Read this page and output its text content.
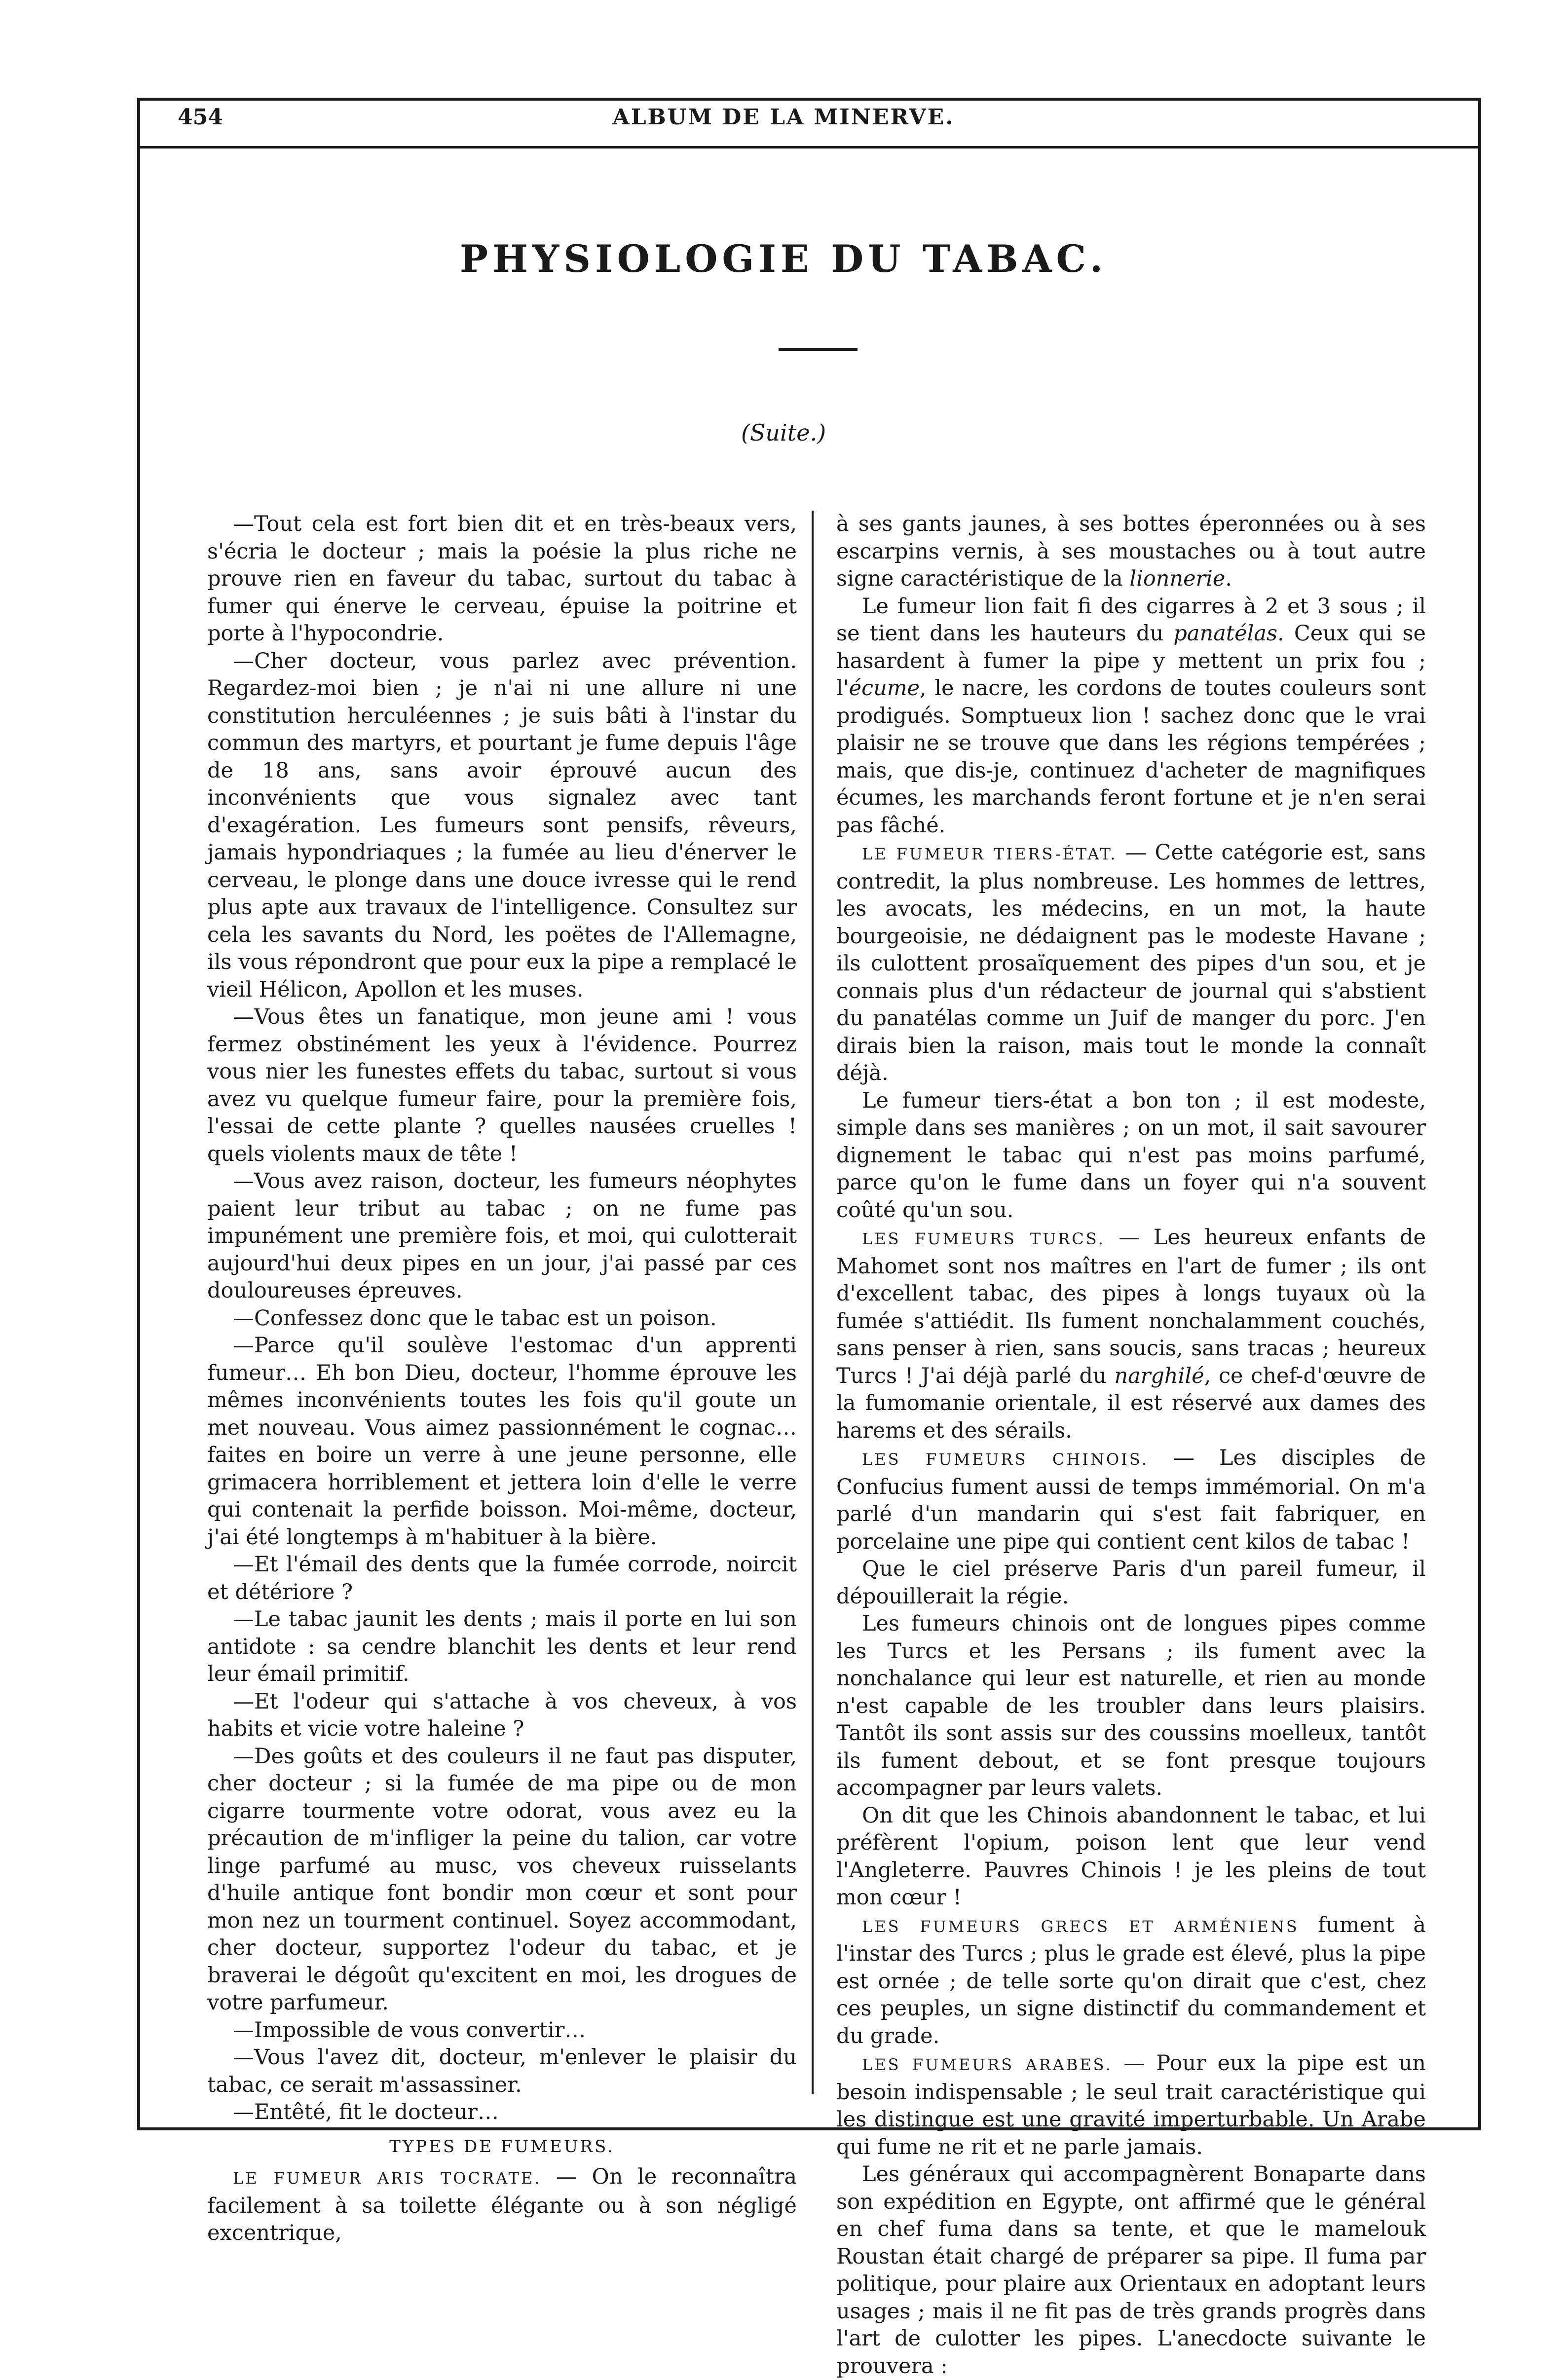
454	ALBUM DE LA MINERVE.
PHYSIOLOGIE DU TABAC.
(Suite.)

—Tout cela est fort bien dit et en très-beaux vers, s'écria le docteur ; mais la poésie la plus riche ne prouve rien en faveur du tabac, surtout du tabac à fumer qui énerve le cerveau, épuise la poitrine et porte à l'hypocondrie.

—Cher docteur, vous parlez avec prévention. Regardez-moi bien ; je n'ai ni une allure ni une constitution herculéennes ; je suis bâti à l'instar du commun des martyrs, et pourtant je fume depuis l'âge de 18 ans, sans avoir éprouvé aucun des inconvénients que vous signalez avec tant d'exagération. Les fumeurs sont pensifs, rêveurs, jamais hypondriaques ; la fumée au lieu d'énerver le cerveau, le plonge dans une douce ivresse qui le rend plus apte aux travaux de l'intelligence. Consultez sur cela les savants du Nord, les poëtes de l'Allemagne, ils vous répondront que pour eux la pipe a remplacé le vieil Hélicon, Apollon et les muses.

—Vous êtes un fanatique, mon jeune ami ! vous fermez obstinément les yeux à l'évidence. Pourrez vous nier les funestes effets du tabac, surtout si vous avez vu quelque fumeur faire, pour la première fois, l'essai de cette plante ? quelles nausées cruelles ! quels violents maux de tête !

—Vous avez raison, docteur, les fumeurs néophytes paient leur tribut au tabac ; on ne fume pas impunément une première fois, et moi, qui culotterait aujourd'hui deux pipes en un jour, j'ai passé par ces douloureuses épreuves.

—Confessez donc que le tabac est un poison.

—Parce qu'il soulève l'estomac d'un apprenti fumeur… Eh bon Dieu, docteur, l'homme éprouve les mêmes inconvénients toutes les fois qu'il goute un met nouveau. Vous aimez passionnément le cognac… faites en boire un verre à une jeune personne, elle grimacera horriblement et jettera loin d'elle le verre qui contenait la perfide boisson. Moi-même, docteur, j'ai été longtemps à m'habituer à la bière.

—Et l'émail des dents que la fumée corrode, noircit et détériore ?

—Le tabac jaunit les dents ; mais il porte en lui son antidote : sa cendre blanchit les dents et leur rend leur émail primitif.

—Et l'odeur qui s'attache à vos cheveux, à vos habits et vicie votre haleine ?

—Des goûts et des couleurs il ne faut pas disputer, cher docteur ; si la fumée de ma pipe ou de mon cigarre tourmente votre odorat, vous avez eu la précaution de m'infliger la peine du talion, car votre linge parfumé au musc, vos cheveux ruisselants d'huile antique font bondir mon cœur et sont pour mon nez un tourment continuel. Soyez accommodant, cher docteur, supportez l'odeur du tabac, et je braverai le dégoût qu'excitent en moi, les drogues de votre parfumeur.

—Impossible de vous convertir…

—Vous l'avez dit, docteur, m'enlever le plaisir du tabac, ce serait m'assassiner.

—Entêté, fit le docteur…

TYPES DE FUMEURS.

LE FUMEUR ARIS TOCRATE. — On le reconnaîtra facilement à sa toilette élégante ou à son négligé excentrique,

à ses gants jaunes, à ses bottes éperonnées ou à ses escarpins vernis, à ses moustaches ou à tout autre signe caractéristique de la lionnerie.

Le fumeur lion fait fi des cigarres à 2 et 3 sous ; il se tient dans les hauteurs du panatélas. Ceux qui se hasardent à fumer la pipe y mettent un prix fou ; l'écume, le nacre, les cordons de toutes couleurs sont prodigués. Somptueux lion ! sachez donc que le vrai plaisir ne se trouve que dans les régions tempérées ; mais, que dis-je, continuez d'acheter de magnifiques écumes, les marchands feront fortune et je n'en serai pas fâché.

LE FUMEUR TIERS-ÉTAT. — Cette catégorie est, sans contredit, la plus nombreuse. Les hommes de lettres, les avocats, les médecins, en un mot, la haute bourgeoisie, ne dédaignent pas le modeste Havane ; ils culottent prosaïquement des pipes d'un sou, et je connais plus d'un rédacteur de journal qui s'abstient du panatélas comme un Juif de manger du porc. J'en dirais bien la raison, mais tout le monde la connaît déjà.

Le fumeur tiers-état a bon ton ; il est modeste, simple dans ses manières ; on un mot, il sait savourer dignement le tabac qui n'est pas moins parfumé, parce qu'on le fume dans un foyer qui n'a souvent coûté qu'un sou.

LES FUMEURS TURCS. — Les heureux enfants de Mahomet sont nos maîtres en l'art de fumer ; ils ont d'excellent tabac, des pipes à longs tuyaux où la fumée s'attiédit. Ils fument nonchalamment couchés, sans penser à rien, sans soucis, sans tracas ; heureux Turcs ! J'ai déjà parlé du narghilé, ce chef-d'œuvre de la fumomanie orientale, il est réservé aux dames des harems et des sérails.

LES FUMEURS CHINOIS. — Les disciples de Confucius fument aussi de temps immémorial. On m'a parlé d'un mandarin qui s'est fait fabriquer, en porcelaine une pipe qui contient cent kilos de tabac !

Que le ciel préserve Paris d'un pareil fumeur, il dépouillerait la régie.

Les fumeurs chinois ont de longues pipes comme les Turcs et les Persans ; ils fument avec la nonchalance qui leur est naturelle, et rien au monde n'est capable de les troubler dans leurs plaisirs. Tantôt ils sont assis sur des coussins moelleux, tantôt ils fument debout, et se font presque toujours accompagner par leurs valets.

On dit que les Chinois abandonnent le tabac, et lui préfèrent l'opium, poison lent que leur vend l'Angleterre. Pauvres Chinois ! je les pleins de tout mon cœur !

LES FUMEURS GRECS ET ARMÉNIENS fument à l'instar des Turcs ; plus le grade est élevé, plus la pipe est ornée ; de telle sorte qu'on dirait que c'est, chez ces peuples, un signe distinctif du commandement et du grade.

LES FUMEURS ARABES. — Pour eux la pipe est un besoin indispensable ; le seul trait caractéristique qui les distingue est une gravité imperturbable. Un Arabe qui fume ne rit et ne parle jamais.

Les généraux qui accompagnèrent Bonaparte dans son expédition en Egypte, ont affirmé que le général en chef fuma dans sa tente, et que le mamelouk Roustan était chargé de préparer sa pipe. Il fuma par politique, pour plaire aux Orientaux en adoptant leurs usages ; mais il ne fit pas de très grands progrès dans l'art de culotter les pipes. L'anecdocte suivante le prouvera :
